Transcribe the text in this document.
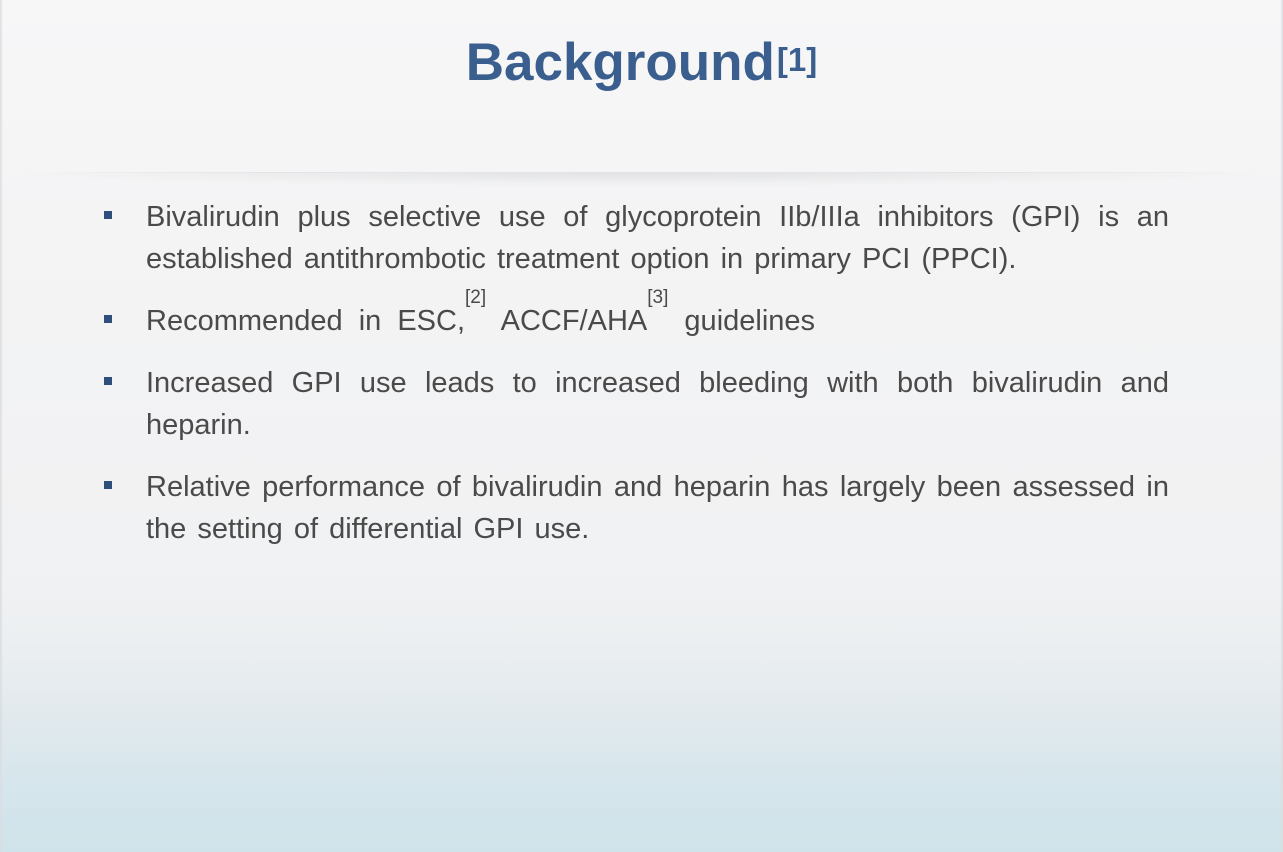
Background[1]
Bivalirudin plus selective use of glycoprotein IIb/IIIa inhibitors (GPI) is an established antithrombotic treatment option in primary PCI (PPCI).
Recommended in ESC,[2] ACCF/AHA[3] guidelines
Increased GPI use leads to increased bleeding with both bivalirudin and heparin.
Relative performance of bivalirudin and heparin has largely been assessed in the setting of differential GPI use.
